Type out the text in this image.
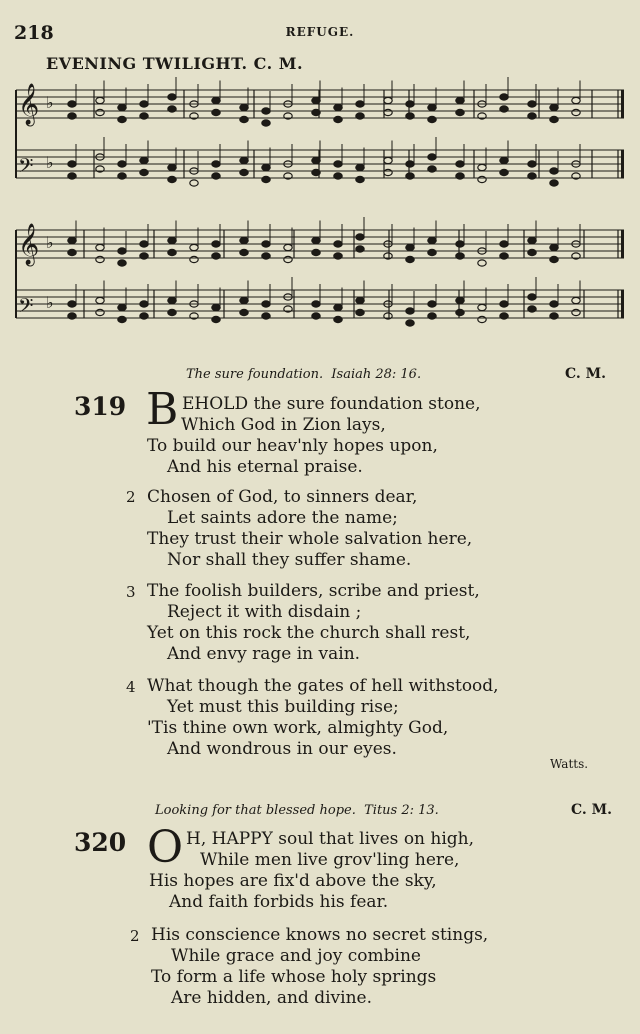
218	REFUGE.
EVENING TWILIGHT. C. M.
𝄞 ♭
𝄢 ♭
𝄞 ♭
𝄢 ♭
The sure foundation. Isaiah 28: 16.	C. M.
319 B EHOLD the sure foundation stone,
Which God in Zion lays,
To build our heav'nly hopes upon,
And his eternal praise.
2 Chosen of God, to sinners dear,
Let saints adore the name;
They trust their whole salvation here,
Nor shall they suffer shame.
3 The foolish builders, scribe and priest,
Reject it with disdain ;
Yet on this rock the church shall rest,
And envy rage in vain.
4 What though the gates of hell withstood,
Yet must this building rise;
'Tis thine own work, almighty God,
And wondrous in our eyes.
Watts.
Looking for that blessed hope. Titus 2: 13.	C. M.
320 O H, HAPPY soul that lives on high,
While men live grov'ling here,
His hopes are fix'd above the sky,
And faith forbids his fear.
2 His conscience knows no secret stings,
While grace and joy combine
To form a life whose holy springs
Are hidden, and divine.
